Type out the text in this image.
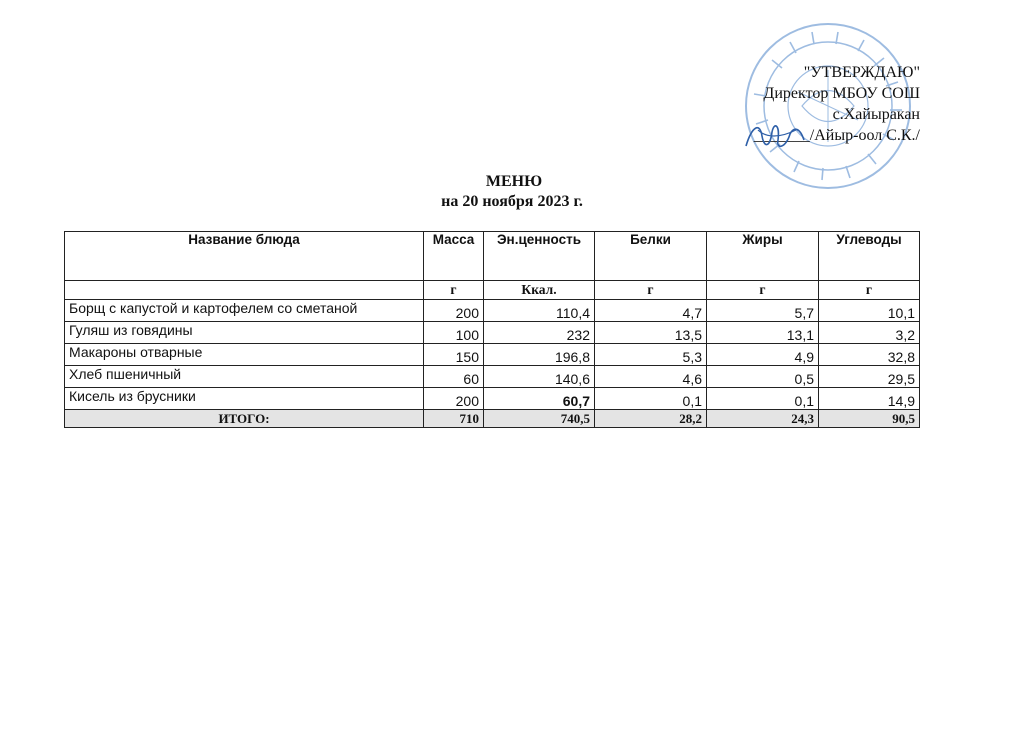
"УТВЕРЖДАЮ"
Директор МБОУ СОШ
с.Хайыракан
_______/Айыр-оол С.К./
МЕНЮ
на 20 ноября 2023 г.
Название блюда	Масса	Эн.ценность	Белки	Жиры	Углеводы
	г	Ккал.	г	г	г
Борщ с капустой и картофелем со сметаной	200	110,4	4,7	5,7	10,1
Гуляш из говядины	100	232	13,5	13,1	3,2
Макароны отварные	150	196,8	5,3	4,9	32,8
Хлеб пшеничный	60	140,6	4,6	0,5	29,5
Кисель из брусники	200	60,7	0,1	0,1	14,9
ИТОГО:	710	740,5	28,2	24,3	90,5
